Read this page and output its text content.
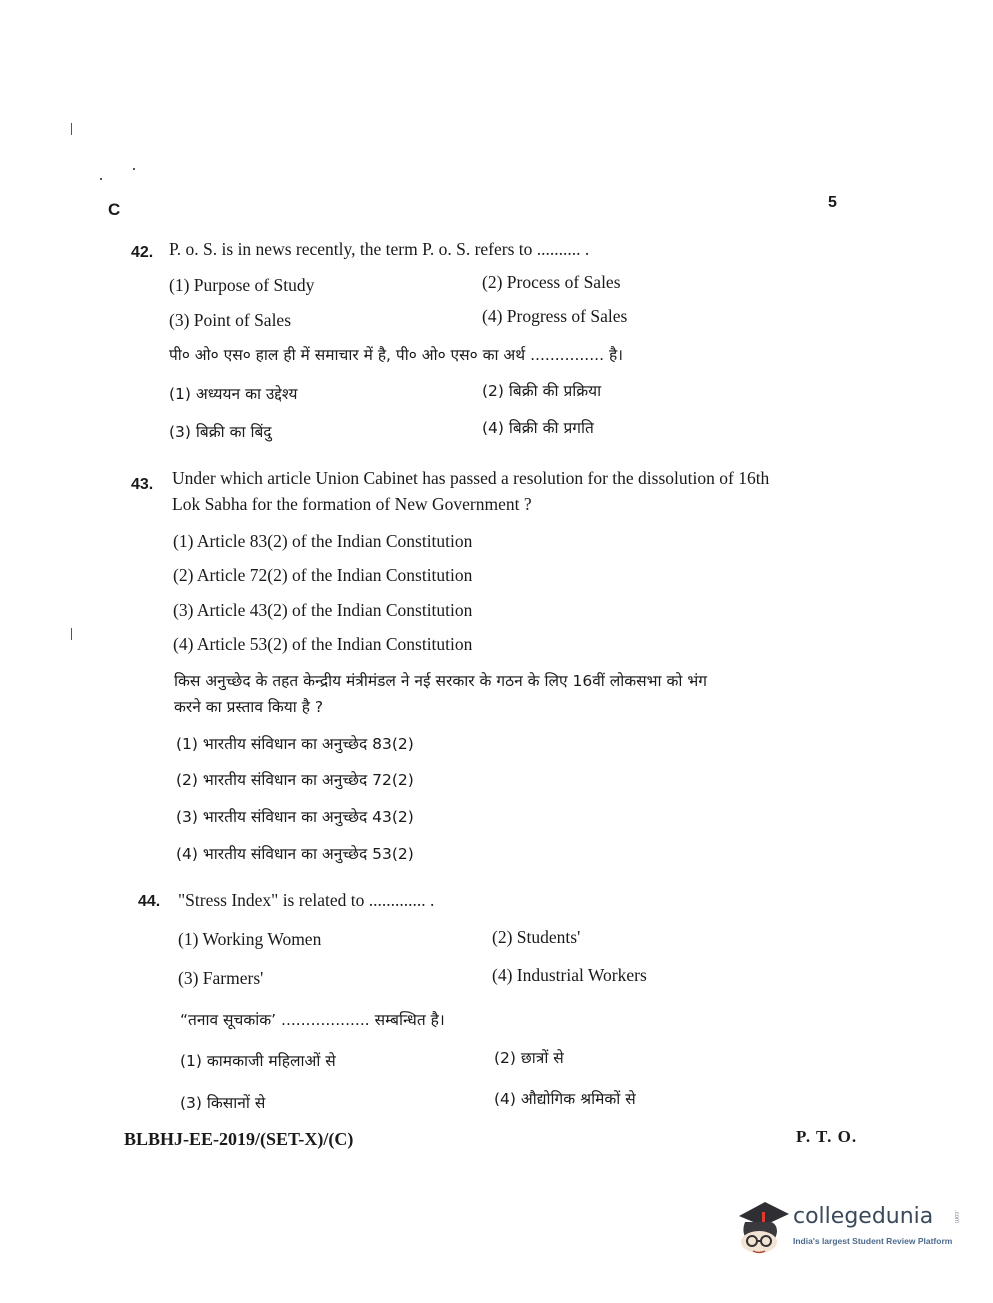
C	5
42. P. o. S. is in news recently, the term P. o. S. refers to .......... .
(1) Purpose of Study	(2) Process of Sales
(3) Point of Sales	(4) Progress of Sales
पी० ओ० एस० हाल ही में समाचार में है, पी० ओ० एस० का अर्थ ............... है।
(1) अध्ययन का उद्देश्य	(2) बिक्री की प्रक्रिया
(3) बिक्री का बिंदु	(4) बिक्री की प्रगति
43. Under which article Union Cabinet has passed a resolution for the dissolution of 16th
Lok Sabha for the formation of New Government ?
(1) Article 83(2) of the Indian Constitution
(2) Article 72(2) of the Indian Constitution
(3) Article 43(2) of the Indian Constitution
(4) Article 53(2) of the Indian Constitution
किस अनुच्छेद के तहत केन्द्रीय मंत्रीमंडल ने नई सरकार के गठन के लिए 16वीं लोकसभा को भंग
करने का प्रस्ताव किया है ?
(1) भारतीय संविधान का अनुच्छेद 83(2)
(2) भारतीय संविधान का अनुच्छेद 72(2)
(3) भारतीय संविधान का अनुच्छेद 43(2)
(4) भारतीय संविधान का अनुच्छेद 53(2)
44. "Stress Index" is related to ............. .
(1) Working Women	(2) Students'
(3) Farmers'	(4) Industrial Workers
“तनाव सूचकांक’ .................. सम्बन्धित है।
(1) कामकाजी महिलाओं से	(2) छात्रों से
(3) किसानों से	(4) औद्योगिक श्रमिकों से
BLBHJ-EE-2019/(SET-X)/(C)	P. T. O.
collegedunia	.com
India's largest Student Review Platform
